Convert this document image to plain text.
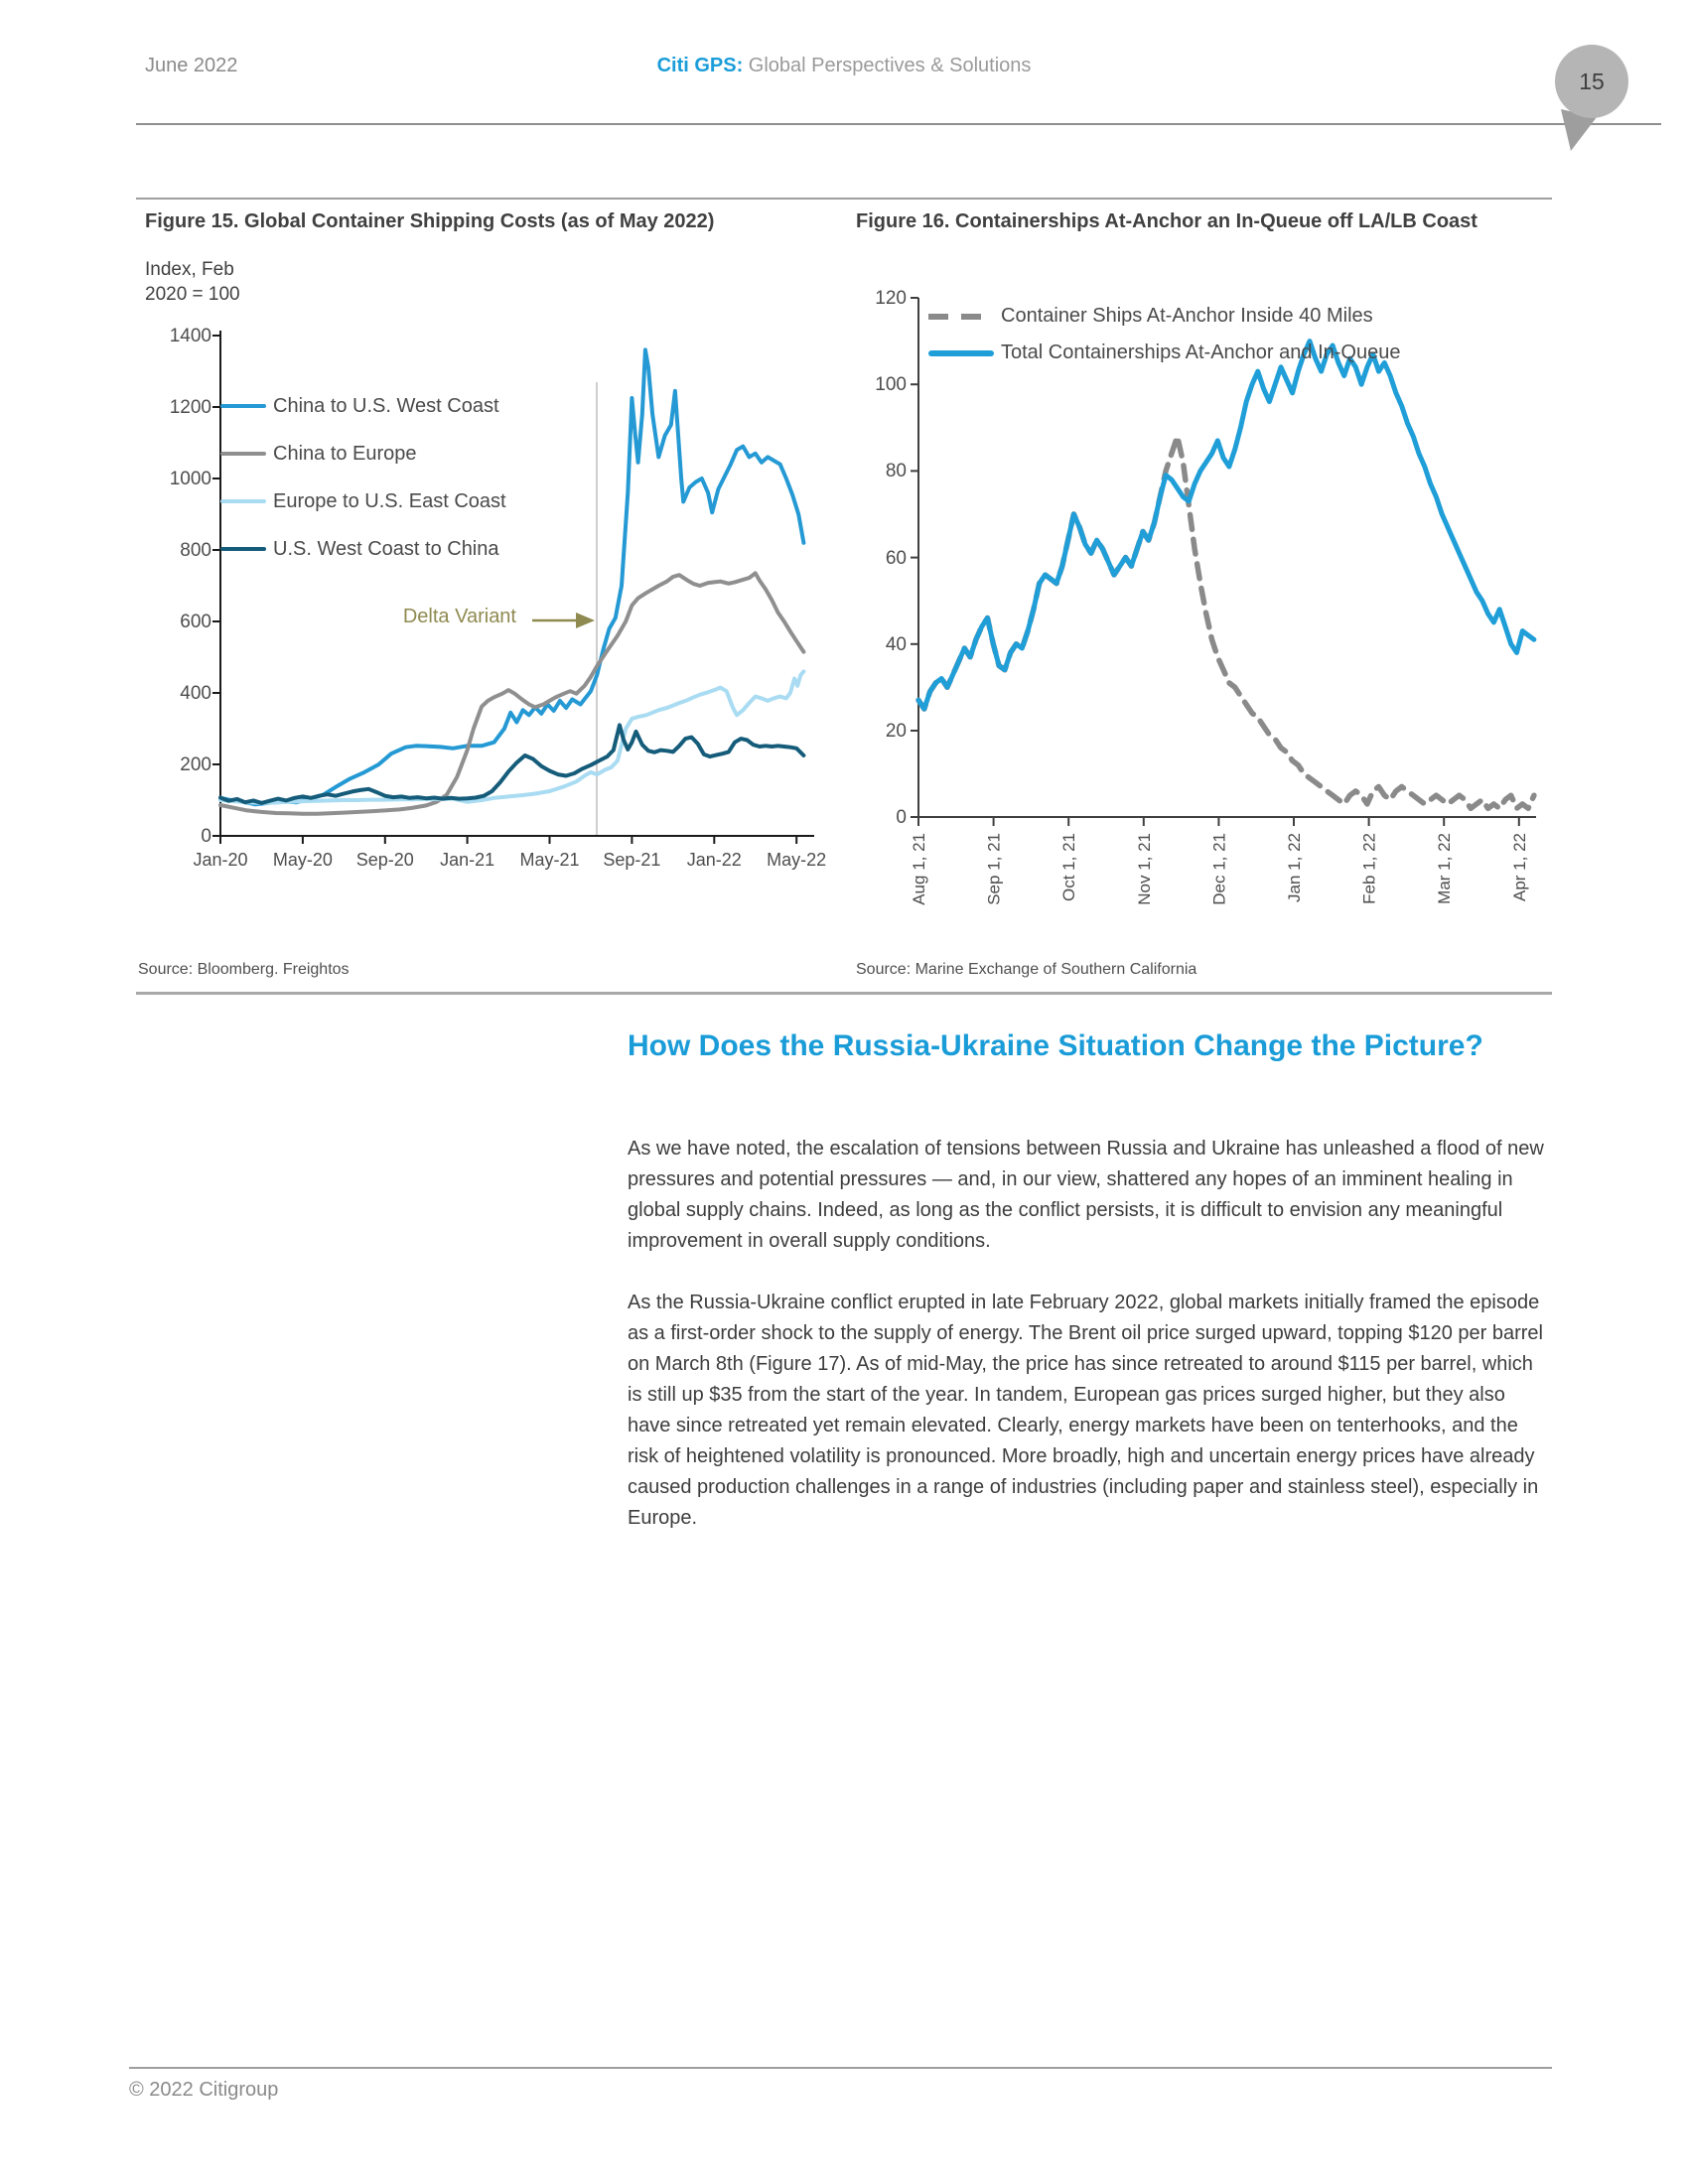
June 2022	Citi GPS: Global Perspectives & Solutions
15
Figure 15. Global Container Shipping Costs (as of May 2022)
Index, Feb
2020 = 100
1400
1200
1000
800
600
400
200
0
Jan-20 May-20 Sep-20 Jan-21 May-21 Sep-21 Jan-22 May-22
China to U.S. West Coast
China to Europe
Europe to U.S. East Coast
U.S. West Coast to China
Delta Variant
Source: Bloomberg. Freightos
Figure 16. Containerships At-Anchor an In-Queue off LA/LB Coast
120
100
80
60
40
20
0
Aug 1, 21	Sep 1, 21	Oct 1, 21	Nov 1, 21	Dec 1, 21	Jan 1, 22	Feb 1, 22	Mar 1, 22	Apr 1, 22
Container Ships At-Anchor Inside 40 Miles
Total Containerships At-Anchor and In-Queue
Source: Marine Exchange of Southern California
How Does the Russia-Ukraine Situation Change the Picture?

As we have noted, the escalation of tensions between Russia and Ukraine has unleashed a flood of new pressures and potential pressures — and, in our view, shattered any hopes of an imminent healing in global supply chains. Indeed, as long as the conflict persists, it is difficult to envision any meaningful improvement in overall supply conditions.

As the Russia-Ukraine conflict erupted in late February 2022, global markets initially framed the episode as a first-order shock to the supply of energy. The Brent oil price surged upward, topping $120 per barrel on March 8th (Figure 17). As of mid-May, the price has since retreated to around $115 per barrel, which is still up $35 from the start of the year. In tandem, European gas prices surged higher, but they also have since retreated yet remain elevated. Clearly, energy markets have been on tenterhooks, and the risk of heightened volatility is pronounced. More broadly, high and uncertain energy prices have already caused production challenges in a range of industries (including paper and stainless steel), especially in Europe.

© 2022 Citigroup
